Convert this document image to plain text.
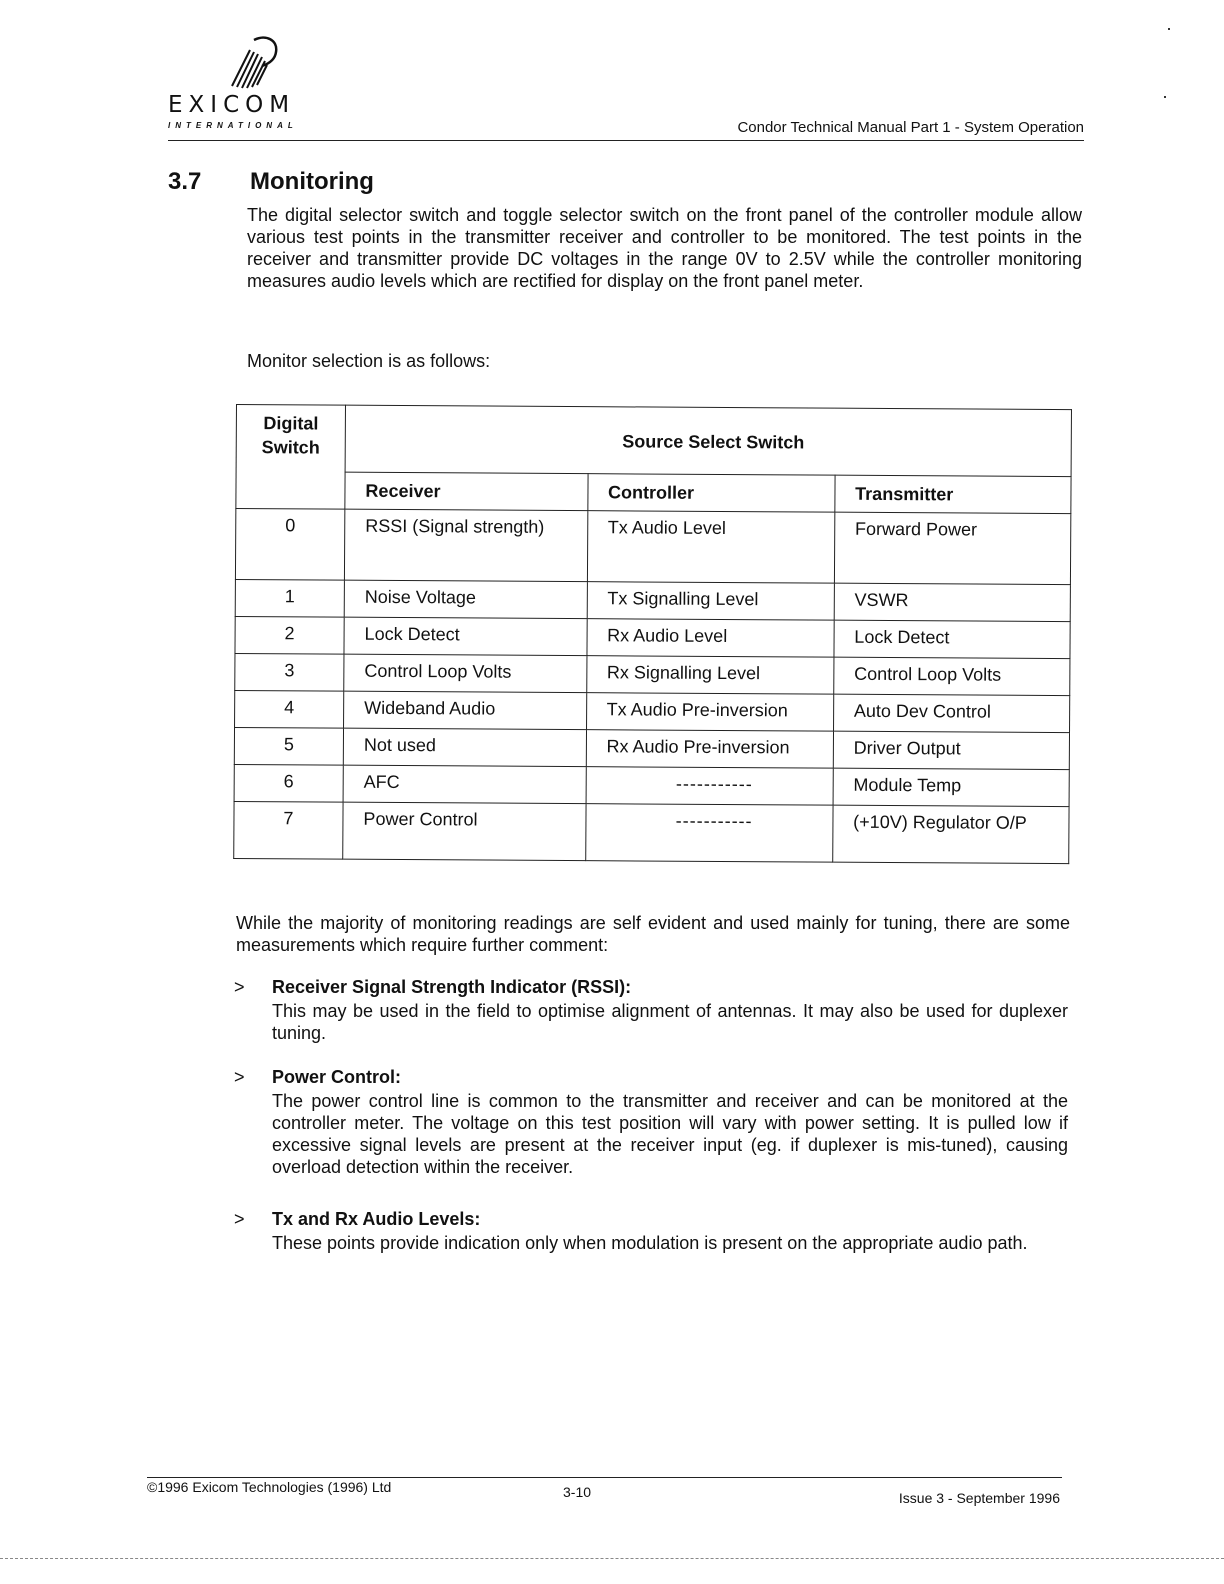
EXICOM
INTERNATIONAL	Condor Technical Manual Part 1 - System Operation
3.7 Monitoring

The digital selector switch and toggle selector switch on the front panel of the controller module allow various test points in the transmitter receiver and controller to be monitored. The test points in the receiver and transmitter provide DC voltages in the range 0V to 2.5V while the controller monitoring measures audio levels which are rectified for display on the front panel meter.

Monitor selection is as follows:

Digital Switch	Source Select Switch		
	Receiver	Controller	Transmitter
0	RSSI (Signal strength)	Tx Audio Level	Forward Power
1	Noise Voltage	Tx Signalling Level	VSWR
2	Lock Detect	Rx Audio Level	Lock Detect
3	Control Loop Volts	Rx Signalling Level	Control Loop Volts
4	Wideband Audio	Tx Audio Pre-inversion	Auto Dev Control
5	Not used	Rx Audio Pre-inversion	Driver Output
6	AFC	-----------	Module Temp
7	Power Control	-----------	(+10V) Regulator O/P

While the majority of monitoring readings are self evident and used mainly for tuning, there are some measurements which require further comment:

> Receiver Signal Strength Indicator (RSSI):

This may be used in the field to optimise alignment of antennas. It may also be used for duplexer tuning.

> Power Control:

The power control line is common to the transmitter and receiver and can be monitored at the controller meter. The voltage on this test position will vary with power setting. It is pulled low if excessive signal levels are present at the receiver input (eg. if duplexer is mis-tuned), causing overload detection within the receiver.

> Tx and Rx Audio Levels:

These points provide indication only when modulation is present on the appropriate audio path.

©1996 Exicom Technologies (1996) Ltd	3-10	Issue 3 - September 1996
